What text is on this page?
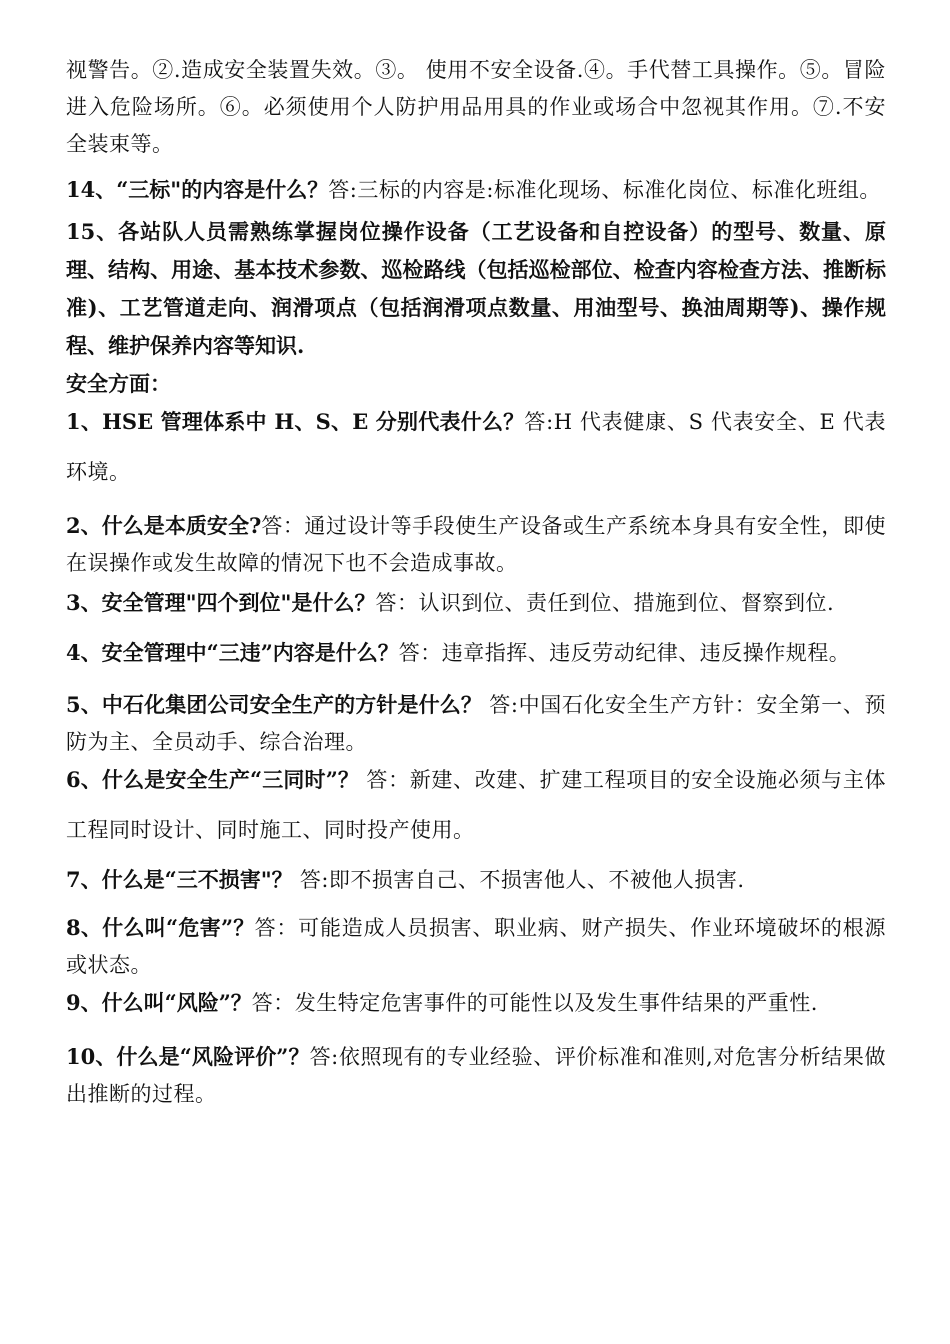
视警告。②.造成安全装置失效。③。 使用不安全设备.④。手代替工具操作。⑤。冒险进入危险场所。⑥。必须使用个人防护用品用具的作业或场合中忽视其作用。⑦.不安全装束等。

14、“三标"的内容是什么？答:三标的内容是:标准化现场、标准化岗位、标准化班组。

15、各站队人员需熟练掌握岗位操作设备（工艺设备和自控设备）的型号、数量、原理、结构、用途、基本技术参数、巡检路线（包括巡检部位、检查内容检查方法、推断标准)、工艺管道走向、润滑项点（包括润滑项点数量、用油型号、换油周期等)、操作规程、维护保养内容等知识.

安全方面：

1、HSE 管理体系中 H、S、E 分别代表什么？答:H 代表健康、S 代表安全、E 代表环境。

2、什么是本质安全?答：通过设计等手段使生产设备或生产系统本身具有安全性，即使在误操作或发生故障的情况下也不会造成事故。

3、安全管理"四个到位"是什么？答：认识到位、责任到位、措施到位、督察到位.

4、安全管理中“三违”内容是什么？答：违章指挥、违反劳动纪律、违反操作规程。

5、中石化集团公司安全生产的方针是什么？ 答:中国石化安全生产方针：安全第一、预防为主、全员动手、综合治理。

6、什么是安全生产“三同时”？ 答：新建、改建、扩建工程项目的安全设施必须与主体工程同时设计、同时施工、同时投产使用。

7、什么是“三不损害"？ 答:即不损害自己、不损害他人、不被他人损害.

8、什么叫“危害”？答：可能造成人员损害、职业病、财产损失、作业环境破坏的根源或状态。

9、什么叫“风险”？答：发生特定危害事件的可能性以及发生事件结果的严重性.

10、什么是“风险评价”？答:依照现有的专业经验、评价标准和准则,对危害分析结果做出推断的过程。
